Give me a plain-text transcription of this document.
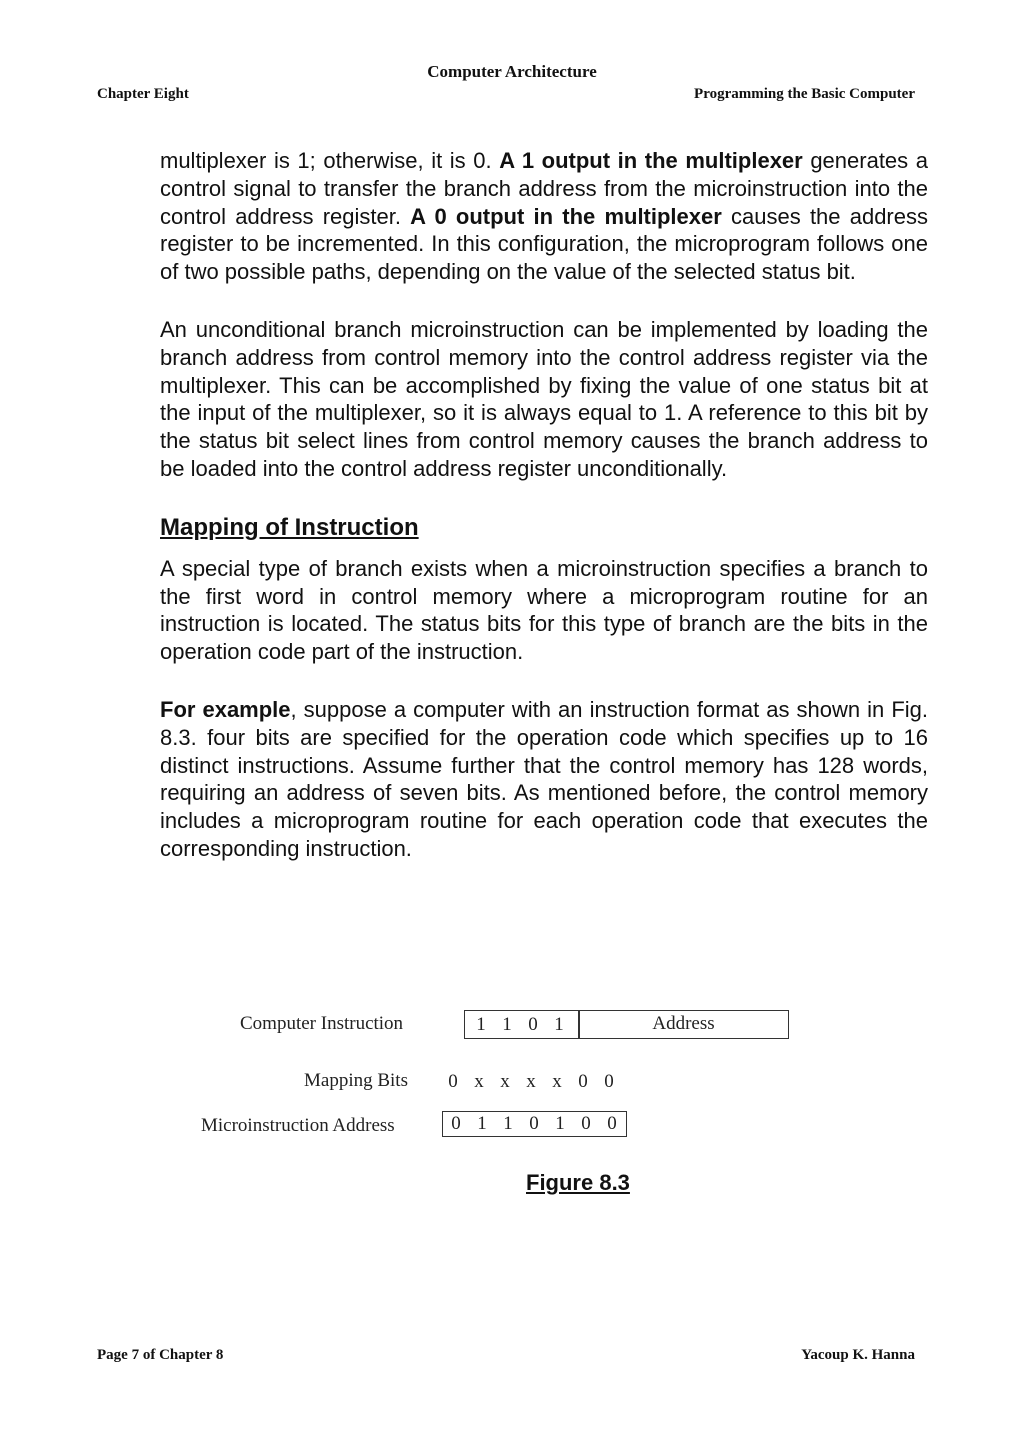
Computer Architecture
Chapter Eight	Programming the Basic Computer

multiplexer is 1; otherwise, it is 0. A 1 output in the multiplexer generates a control signal to transfer the branch address from the microinstruction into the control address register. A 0 output in the multiplexer causes the address register to be incremented. In this configuration, the microprogram follows one of two possible paths, depending on the value of the selected status bit.

An unconditional branch microinstruction can be implemented by loading the branch address from control memory into the control address register via the multiplexer. This can be accomplished by fixing the value of one status bit at the input of the multiplexer, so it is always equal to 1. A reference to this bit by the status bit select lines from control memory causes the branch address to be loaded into the control address register unconditionally.

Mapping of Instruction

A special type of branch exists when a microinstruction specifies a branch to the first word in control memory where a microprogram routine for an instruction is located. The status bits for this type of branch are the bits in the operation code part of the instruction.

For example, suppose a computer with an instruction format as shown in Fig. 8.3. four bits are specified for the operation code which specifies up to 16 distinct instructions. Assume further that the control memory has 128 words, requiring an address of seven bits. As mentioned before, the control memory includes a microprogram routine for each operation code that executes the corresponding instruction.

Computer Instruction	1 1 0 1	Address
Mapping Bits	0 x x x x 0 0
Microinstruction Address	0 1 1 0 1 0 0
Figure 8.3
Page 7 of Chapter 8	Yacoup K. Hanna
